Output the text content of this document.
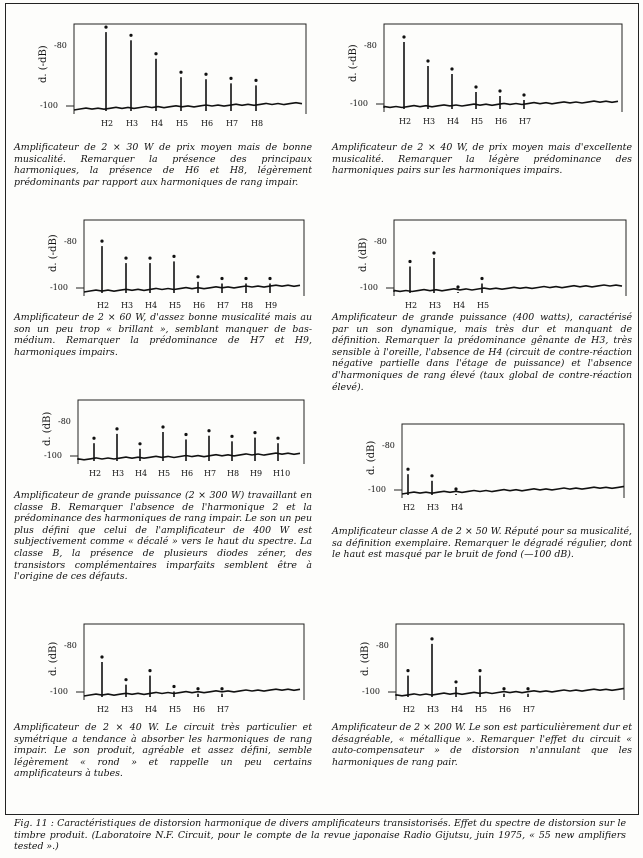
d. (-dB) -80
-100
H2 H3 H4 H5 H6 H7 H8
Amplificateur de 2 × 30 W de prix moyen mais de bonne musicalité. Remarquer la présence des principaux harmoniques, la présence de H6 et H8, légèrement prédominants par rapport aux harmoniques de rang impair.
d. (-dB) -80
-100
H2 H3 H4 H5 H6 H7
Amplificateur de 2 × 40 W, de prix moyen mais d'excellente musicalité. Remarquer la légère prédominance des harmoniques pairs sur les harmoniques impairs.
d. (-dB) -80
-100
H2 H3 H4 H5 H6 H7 H8 H9
Amplificateur de 2 × 60 W, d'assez bonne musicalité mais au son un peu trop « brillant », semblant manquer de bas-médium. Remarquer la prédominance de H7 et H9, harmoniques impairs.
d. (dB) -80
-100
H2 H3 H4 H5
Amplificateur de grande puissance (400 watts), caractérisé par un son dynamique, mais très dur et manquant de définition. Remarquer la prédominance gênante de H3, très sensible à l'oreille, l'absence de H4 (circuit de contre-réaction négative partielle dans l'étage de puissance) et l'absence d'harmoniques de rang élevé (taux global de contre-réaction élevé).
d. (dB) -80
-100
H2 H3 H4 H5 H6 H7 H8 H9 H10
Amplificateur de grande puissance (2 × 300 W) travaillant en classe B. Remarquer l'absence de l'harmonique 2 et la prédominance des harmoniques de rang impair. Le son un peu plus défini que celui de l'amplificateur de 400 W est subjectivement comme « décalé » vers le haut du spectre. La classe B, la présence de plusieurs diodes zéner, des transistors complémentaires imparfaits semblent être à l'origine de ces défauts.
d. (dB) -80
-100
H2 H3 H4
Amplificateur classe A de 2 × 50 W. Réputé pour sa musicalité, sa définition exemplaire. Remarquer le dégradé régulier, dont le haut est masqué par le bruit de fond (—100 dB).
d. (dB) -80
-100
H2 H3 H4 H5 H6 H7
Amplificateur de 2 × 40 W. Le circuit très particulier et symétrique a tendance à absorber les harmoniques de rang impair. Le son produit, agréable et assez défini, semble légèrement « rond » et rappelle un peu certains amplificateurs à tubes.
d. (dB) -80
-100
H2 H3 H4 H5 H6 H7
Amplificateur de 2 × 200 W. Le son est particulièrement dur et désagréable, « métallique ». Remarquer l'effet du circuit « auto-compensateur » de distorsion n'annulant que les harmoniques de rang pair.
Fig. 11 : Caractéristiques de distorsion harmonique de divers amplificateurs transistorisés. Effet du spectre de distorsion sur le timbre produit. (Laboratoire N.F. Circuit, pour le compte de la revue japonaise Radio Gijutsu, juin 1975, « 55 new amplifiers tested ».)
